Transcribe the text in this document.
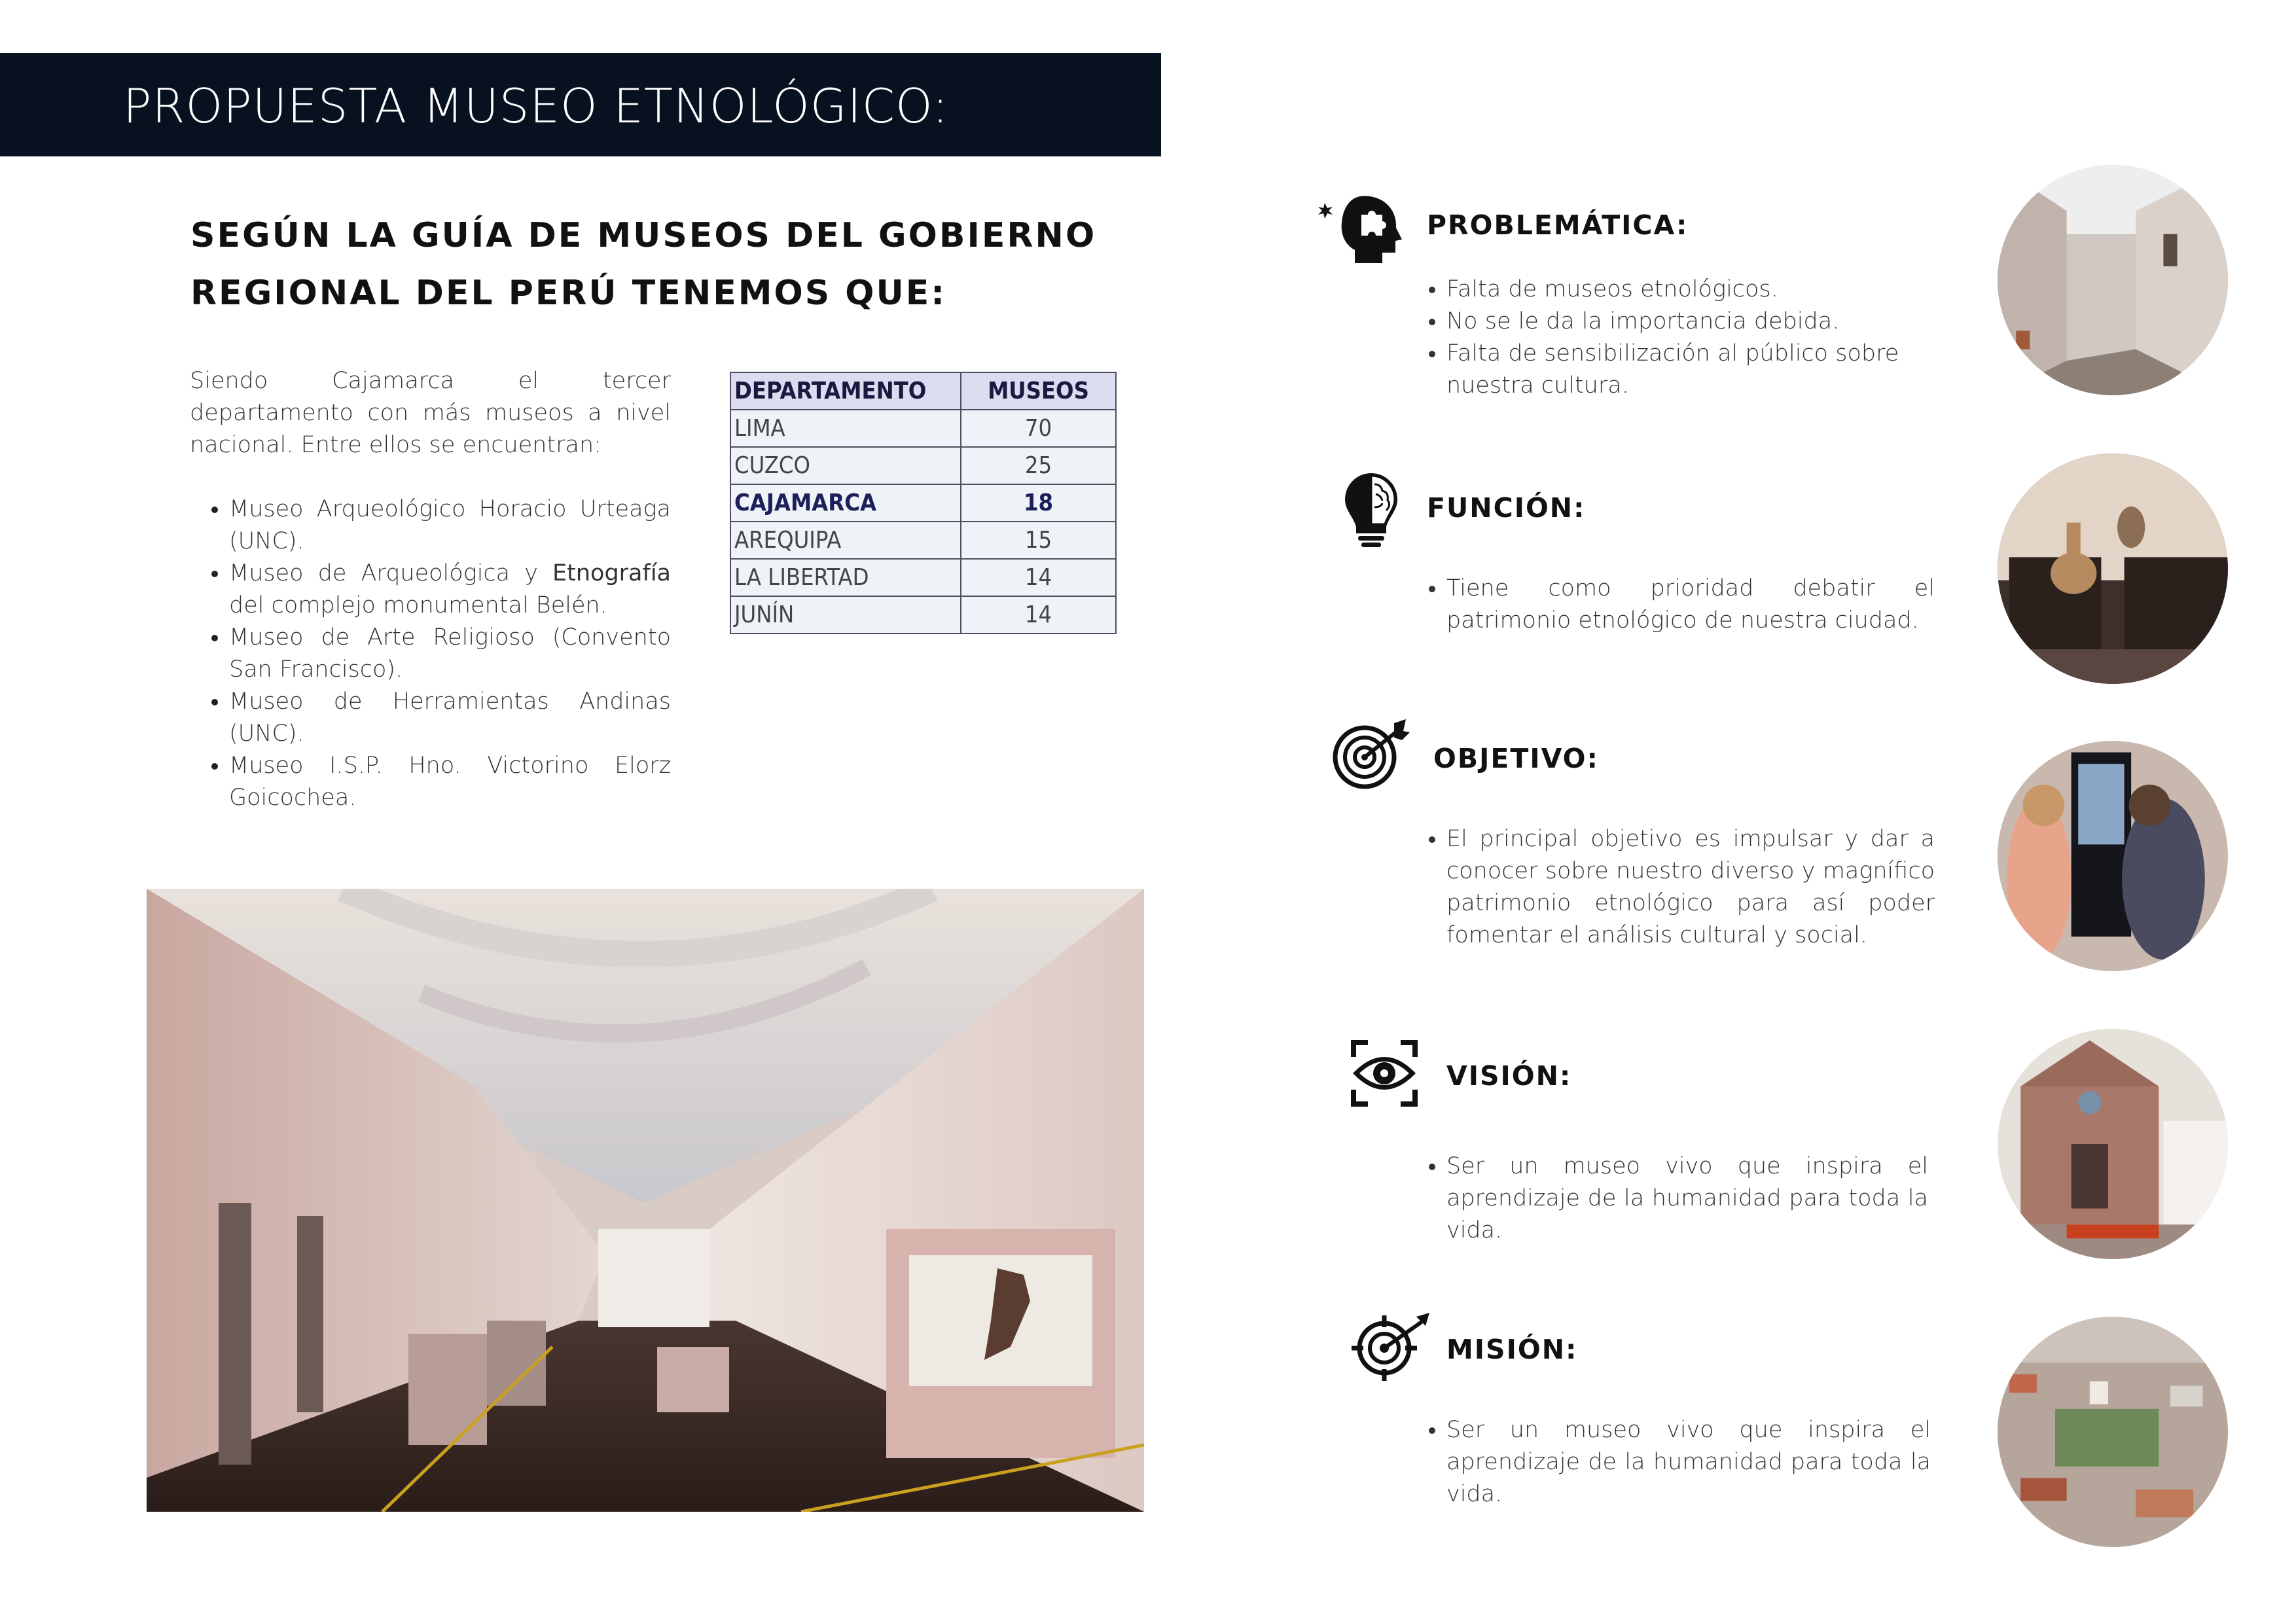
PROPUESTA MUSEO ETNOLÓGICO:
SEGÚN LA GUÍA DE MUSEOS DEL GOBIERNO
REGIONAL DEL PERÚ TENEMOS QUE:
Siendo Cajamarca el tercer departamento con más museos a nivel nacional. Entre ellos se encuentran:
• Museo Arqueológico Horacio Urteaga (UNC).
• Museo de Arqueológica y Etnografía del complejo monumental Belén.
• Museo de Arte Religioso (Convento San Francisco).
• Museo de Herramientas Andinas (UNC).
• Museo I.S.P. Hno. Victorino Elorz Goicochea.
DEPARTAMENTO	MUSEOS
LIMA	70
CUZCO	25
CAJAMARCA	18
AREQUIPA	15
LA LIBERTAD	14
JUNÍN	14
PROBLEMÁTICA:
• Falta de museos etnológicos.
• No se le da la importancia debida.
• Falta de sensibilización al público sobre nuestra cultura.
FUNCIÓN:
• Tiene como prioridad debatir el patrimonio etnológico de nuestra ciudad.
OBJETIVO:
• El principal objetivo es impulsar y dar a conocer sobre nuestro diverso y magnífico patrimonio etnológico para así poder fomentar el análisis cultural y social.
VISIÓN:
• Ser un museo vivo que inspira el aprendizaje de la humanidad para toda la vida.
MISIÓN:
• Ser un museo vivo que inspira el aprendizaje de la humanidad para toda la vida.
